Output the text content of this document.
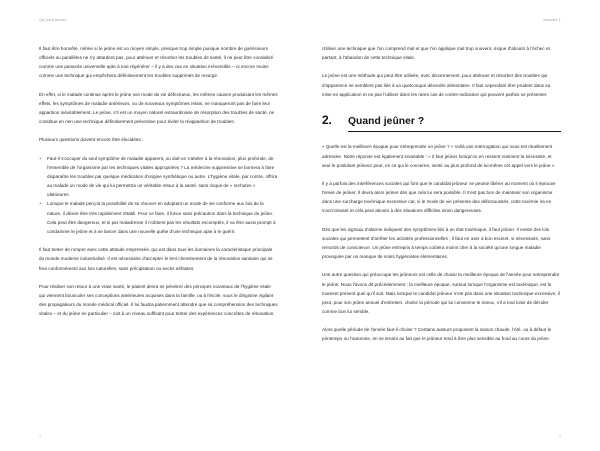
Qui peut jeûner

Il faut être honnête, même si le jeûne est un moyen simple, presque trop simple puisque nombre de guérisseurs officiels ou parallèles ne s'y attardent pas, pour atténuer et résorber les troubles de santé, il ne peut être considéré comme une panacée universelle apte à tout régénérer – il y a des cas en situation irréversible – ni encore moins comme une technique qui empêchera définitivement les troubles supprimés de resurgir.

En effet, si le malade continue après le jeûne son mode de vie défectueux, les mêmes causes produisant les mêmes effets, les symptômes de maladie antérieurs, ou de nouveaux symptômes relais, ne manqueront pas de faire leur apparition inévitablement. Le jeûne, s'il est un moyen naturel extraordinaire de résorption des troubles de santé, ne constitue en rien une technique définitivement préventive pour éviter la réapparition de troubles.

Plusieurs questions doivent encore être élucidées :

• Faut-il s'occuper du seul symptôme de maladie apparent, ou doit-on s'atteler à la rénovation, plus profonde, de l'ensemble de l'organisme par les techniques vitales appropriées ? La médecine suppressive se bornera à faire disparaître les troubles par quelque médication d'origine synthétique ou autre. L'hygiène vitale, par contre, offrira au malade un mode de vie qui lui permettra un véritable retour à la santé, sans risque de « rechutes » ultérieures.
• Lorsque le malade perçoit la possibilité de se rénover en adoptant un mode de vie conforme aux lois de la nature, il désire être très rapidement rétabli. Pour ce faire, il fonce sans précaution dans la technique du jeûne. Cela peut être dangereux, et si par maladresse il n'obtient pas les résultats escomptés, il va être aussi prompt à condamner le jeûne et à se lancer dans une nouvelle quête d'une technique apte à le guérir.

Il faut tenter de rompre avec cette attitude empressée, qui est dans tous les domaines la caractéristique principale du monde moderne industrialisé. Il est nécessaire d'accepter le lent cheminement de la rénovation sanitaire qui se fera conformément aux lois naturelles, sans précipitation ou excès néfastes.

Pour réaliser son retour à une vraie santé, le patient devra se pénétrer des principes nouveaux de l'hygiène vitale qui viennent bousculer ses conceptions antérieures acquises dans la famille, ou à l'école, sous le dirigisme vigilant des propagateurs du monde médical officiel. Il lui faudra patiemment attendre que sa compréhension des techniques vitales – et du jeûne en particulier – soit à un niveau suffisant pour tenter des expériences concrètes de rénovation.

2
chapitre 1

Utiliser une technique que l'on comprend mal et que l'on applique mal trop souvent, risque d'aboutir à l'échec et, partant, à l'abandon de cette technique vitale.

Le jeûne est une méthode qui peut être utilisée, avec discernement, pour atténuer et résorber des troubles qui d'apparence ne semblent pas liés à un quelconque désordre alimentaire. Il faut cependant être prudent dans sa mise en application et ne pas l'utiliser dans les rares cas de contre-indication qui peuvent parfois se présenter.

2.	Quand jeûner ?

« Quelle est la meilleure époque pour entreprendre un jeûne ? » Voilà une interrogation qui nous est rituellement adressée. Notre réponse est également invariable : « Il faut jeûner lorsqu'on en ressent vraiment la nécessité, et seul le postulant jeûneur peut, en ce qui le concerne, sentir au plus profond de lui-même cet appel vers le jeûne ».

Il y a parfois des interférences sociales qui font que le candidat jeûneur ne peutse libérer au moment où il éprouve l'envie de jeûner. Il devra alors jeûner dès que cela lui sera possible. Il n'est pas bon de maintenir son organisme dans une surcharge toxémique excessive car, si le mode de vie présente des défectuosités, cette toxémie ira en s'accroissant et cela peut aboutir à des situations difficiles sinon dangereuses.

Dès que les signaux d'alarme indiquent des symptômes liés à un état toxémique, il faut jeûner. Il existe des lois sociales qui permettent d'arrêter les activités professionnelles ; il faut en user à bon escient, si nécessaire, sans remords de conscience. Un jeûne entrepris à temps coûtera moins cher à la société qu'une longue maladie provoquée par un manque de soins hygiénistes élémentaires.

Une autre question qui préoccupe les jeûneurs est celle de choisir la meilleure époque de l'année pour entreprendre le jeûne. Nous l'avons dit précédemment : la meilleure époque, surtout lorsque l'organisme est toxémique, est le moment présent quel qu'il soit. Mais lorsque le candidat jeûneur n'est pas dans une situation toxémique excessive, il peut, pour son jeûne annuel d'entretien, choisir la période qui lui convienne le mieux, s'il a tout loisir de décider comme bon lui semble.

Alors quelle période de l'année faut-il choisir ? Certains auteurs proposent la saison chaude, l'été, ou à défaut le printemps ou l'automne, en se tenant au fait que le jeûneur tend à être plus sensible au froid au cours du jeûne.

3
